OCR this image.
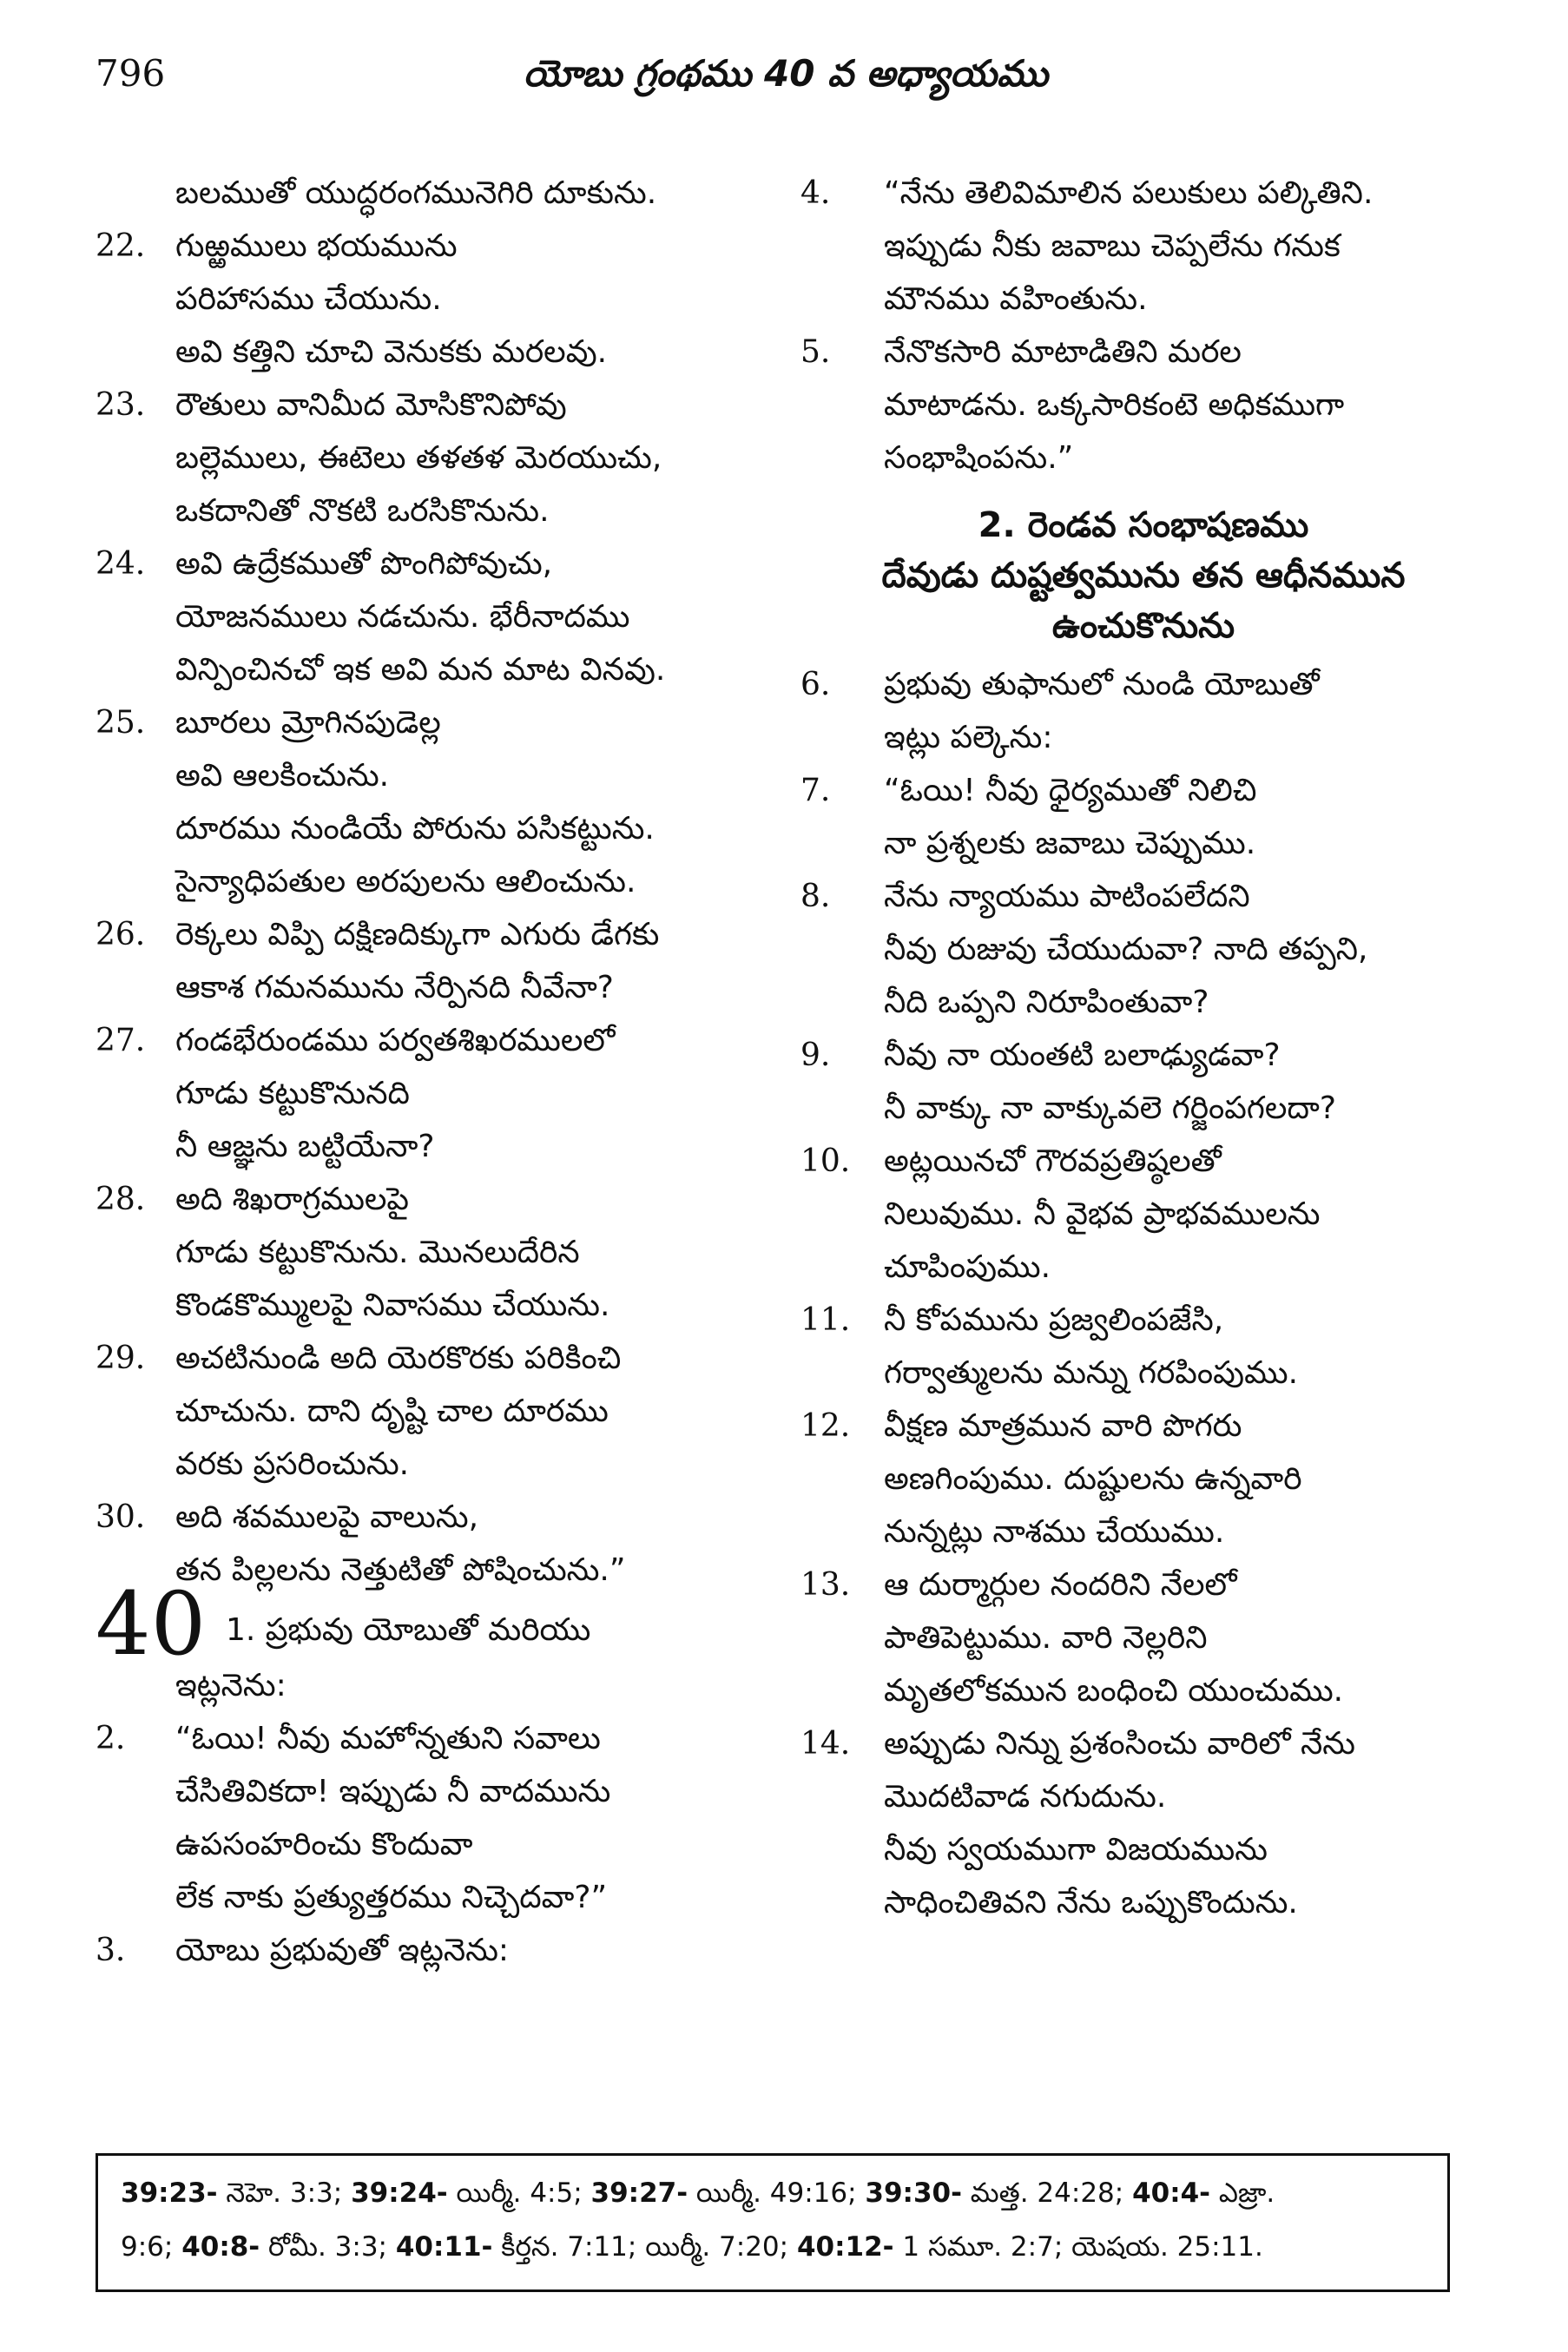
796	యోబు గ్రంథము 40 వ అధ్యాయము
బలముతో యుద్ధరంగమునెగిరి దూకును.
22. గుఱ్ఱములు భయమును
పరిహాసము చేయును.
అవి కత్తిని చూచి వెనుకకు మరలవు.
23. రౌతులు వానిమీద మోసికొనిపోవు
బల్లెములు, ఈటెలు తళతళ మెరయుచు,
ఒకదానితో నొకటి ఒరసికొనును.
24. అవి ఉద్రేకముతో పొంగిపోవుచు,
యోజనములు నడచును. భేరీనాదము
విన్పించినచో ఇక అవి మన మాట వినవు.
25. బూరలు మ్రోగినపుడెల్ల
అవి ఆలకించును.
దూరము నుండియే పోరును పసికట్టును.
సైన్యాధిపతుల అరపులను ఆలించును.
26. రెక్కలు విప్పి దక్షిణదిక్కుగా ఎగురు డేగకు
ఆకాశ గమనమును నేర్పినది నీవేనా?
27. గండభేరుండము పర్వతశిఖరములలో
గూడు కట్టుకొనునది
నీ ఆజ్ఞను బట్టియేనా?
28. అది శిఖరాగ్రములపై
గూడు కట్టుకొనును. మొనలుదేరిన
కొండకొమ్ములపై నివాసము చేయును.
29. అచటినుండి అది యెరకొరకు పరికించి
చూచును. దాని దృష్టి చాల దూరము
వరకు ప్రసరించును.
30. అది శవములపై వాలును,
తన పిల్లలను నెత్తుటితో పోషించును.”
40 1. ప్రభువు యోబుతో మరియు
ఇట్లనెను:
2. “ఓయి! నీవు మహోన్నతుని సవాలు
చేసితివికదా! ఇప్పుడు నీ వాదమును
ఉపసంహరించు కొందువా
లేక నాకు ప్రత్యుత్తరము నిచ్చెదవా?”
3. యోబు ప్రభువుతో ఇట్లనెను:
4. “నేను తెలివిమాలిన పలుకులు పల్కితిని.
ఇప్పుడు నీకు జవాబు చెప్పలేను గనుక
మౌనము వహింతును.
5. నేనొకసారి మాటాడితిని మరల
మాటాడను. ఒక్కసారికంటె అధికముగా
సంభాషింపను.”
2. రెండవ సంభాషణము
దేవుడు దుష్టత్వమును తన ఆధీనమున
ఉంచుకొనును
6. ప్రభువు తుఫానులో నుండి యోబుతో
ఇట్లు పల్కెను:
7. “ఓయి! నీవు ధైర్యముతో నిలిచి
నా ప్రశ్నలకు జవాబు చెప్పుము.
8. నేను న్యాయము పాటింపలేదని
నీవు రుజువు చేయుదువా? నాది తప్పని,
నీది ఒప్పని నిరూపింతువా?
9. నీవు నా యంతటి బలాఢ్యుడవా?
నీ వాక్కు నా వాక్కువలె గర్జింపగలదా?
10. అట్లయినచో గౌరవప్రతిష్ఠలతో
నిలువుము. నీ వైభవ ప్రాభవములను
చూపింపుము.
11. నీ కోపమును ప్రజ్వలింపజేసి,
గర్వాత్ములను మన్ను గరపింపుము.
12. వీక్షణ మాత్రమున వారి పొగరు
అణగింపుము. దుష్టులను ఉన్నవారి
నున్నట్లు నాశము చేయుము.
13. ఆ దుర్మార్గుల నందరిని నేలలో
పాతిపెట్టుము. వారి నెల్లరిని
మృతలోకమున బంధించి యుంచుము.
14. అప్పుడు నిన్ను ప్రశంసించు వారిలో నేను
మొదటివాడ నగుదును.
నీవు స్వయముగా విజయమును
సాధించితివని నేను ఒప్పుకొందును.
39:23- నెహె. 3:3; 39:24- యిర్మీ. 4:5; 39:27- యిర్మీ. 49:16; 39:30- మత్త. 24:28; 40:4- ఎజ్రా.
9:6; 40:8- రోమీ. 3:3; 40:11- కీర్తన. 7:11; యిర్మీ. 7:20; 40:12- 1 సమూ. 2:7; యెషయ. 25:11.
